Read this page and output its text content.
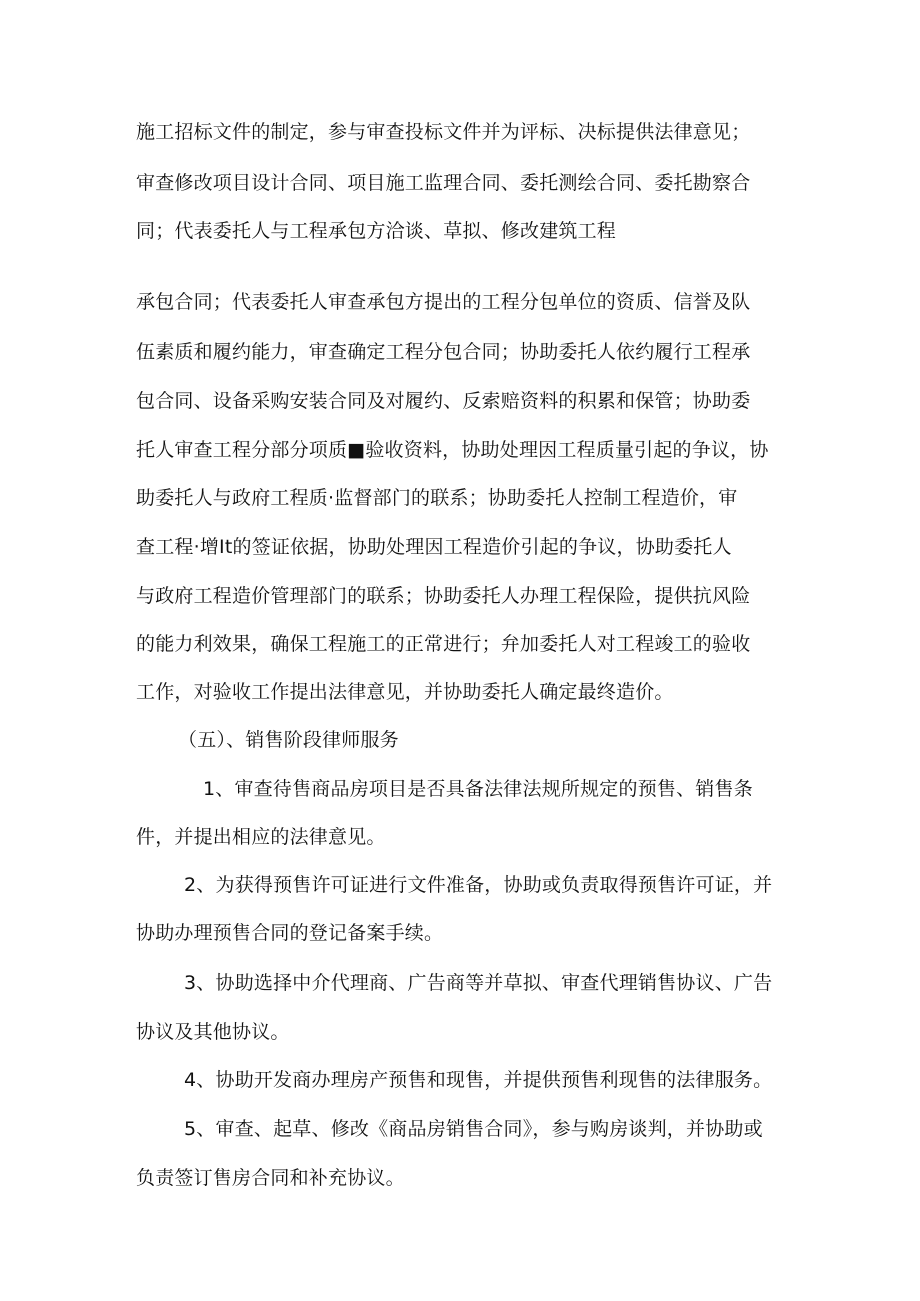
施工招标文件的制定，参与审查投标文件并为评标、决标提供法律意见；
审查修改项目设计合同、项目施工监理合同、委托测绘合同、委托勘察合
同；代表委托人与工程承包方洽谈、草拟、修改建筑工程
承包合同；代表委托人审查承包方提出的工程分包单位的资质、信誉及队
伍素质和履约能力，审查确定工程分包合同；协助委托人依约履行工程承
包合同、设备采购安装合同及对履约、反索赔资料的积累和保管；协助委
托人审查工程分部分项质■验收资料，协助处理因工程质量引起的争议，协
助委托人与政府工程质·监督部门的联系；协助委托人控制工程造价，审
查工程·增It的签证依据，协助处理因工程造价引起的争议，协助委托人
与政府工程造价管理部门的联系；协助委托人办理工程保险，提供抗风险
的能力利效果，确保工程施工的正常进行；弁加委托人对工程竣工的验收
工作，对验收工作提出法律意见，并协助委托人确定最终造价。
（五）、销售阶段律师服务
1、审查待售商品房项目是否具备法律法规所规定的预售、销售条
件，并提出相应的法律意见。
2、为获得预售许可证进行文件准备，协助或负责取得预售许可证，并
协助办理预售合同的登记备案手续。
3、协助选择中介代理商、广告商等并草拟、审查代理销售协议、广告
协议及其他协议。
4、协助开发商办理房产预售和现售，并提供预售利现售的法律服务。
5、审查、起草、修改《商品房销售合同》，参与购房谈判，并协助或
负责签订售房合同和补充协议。
